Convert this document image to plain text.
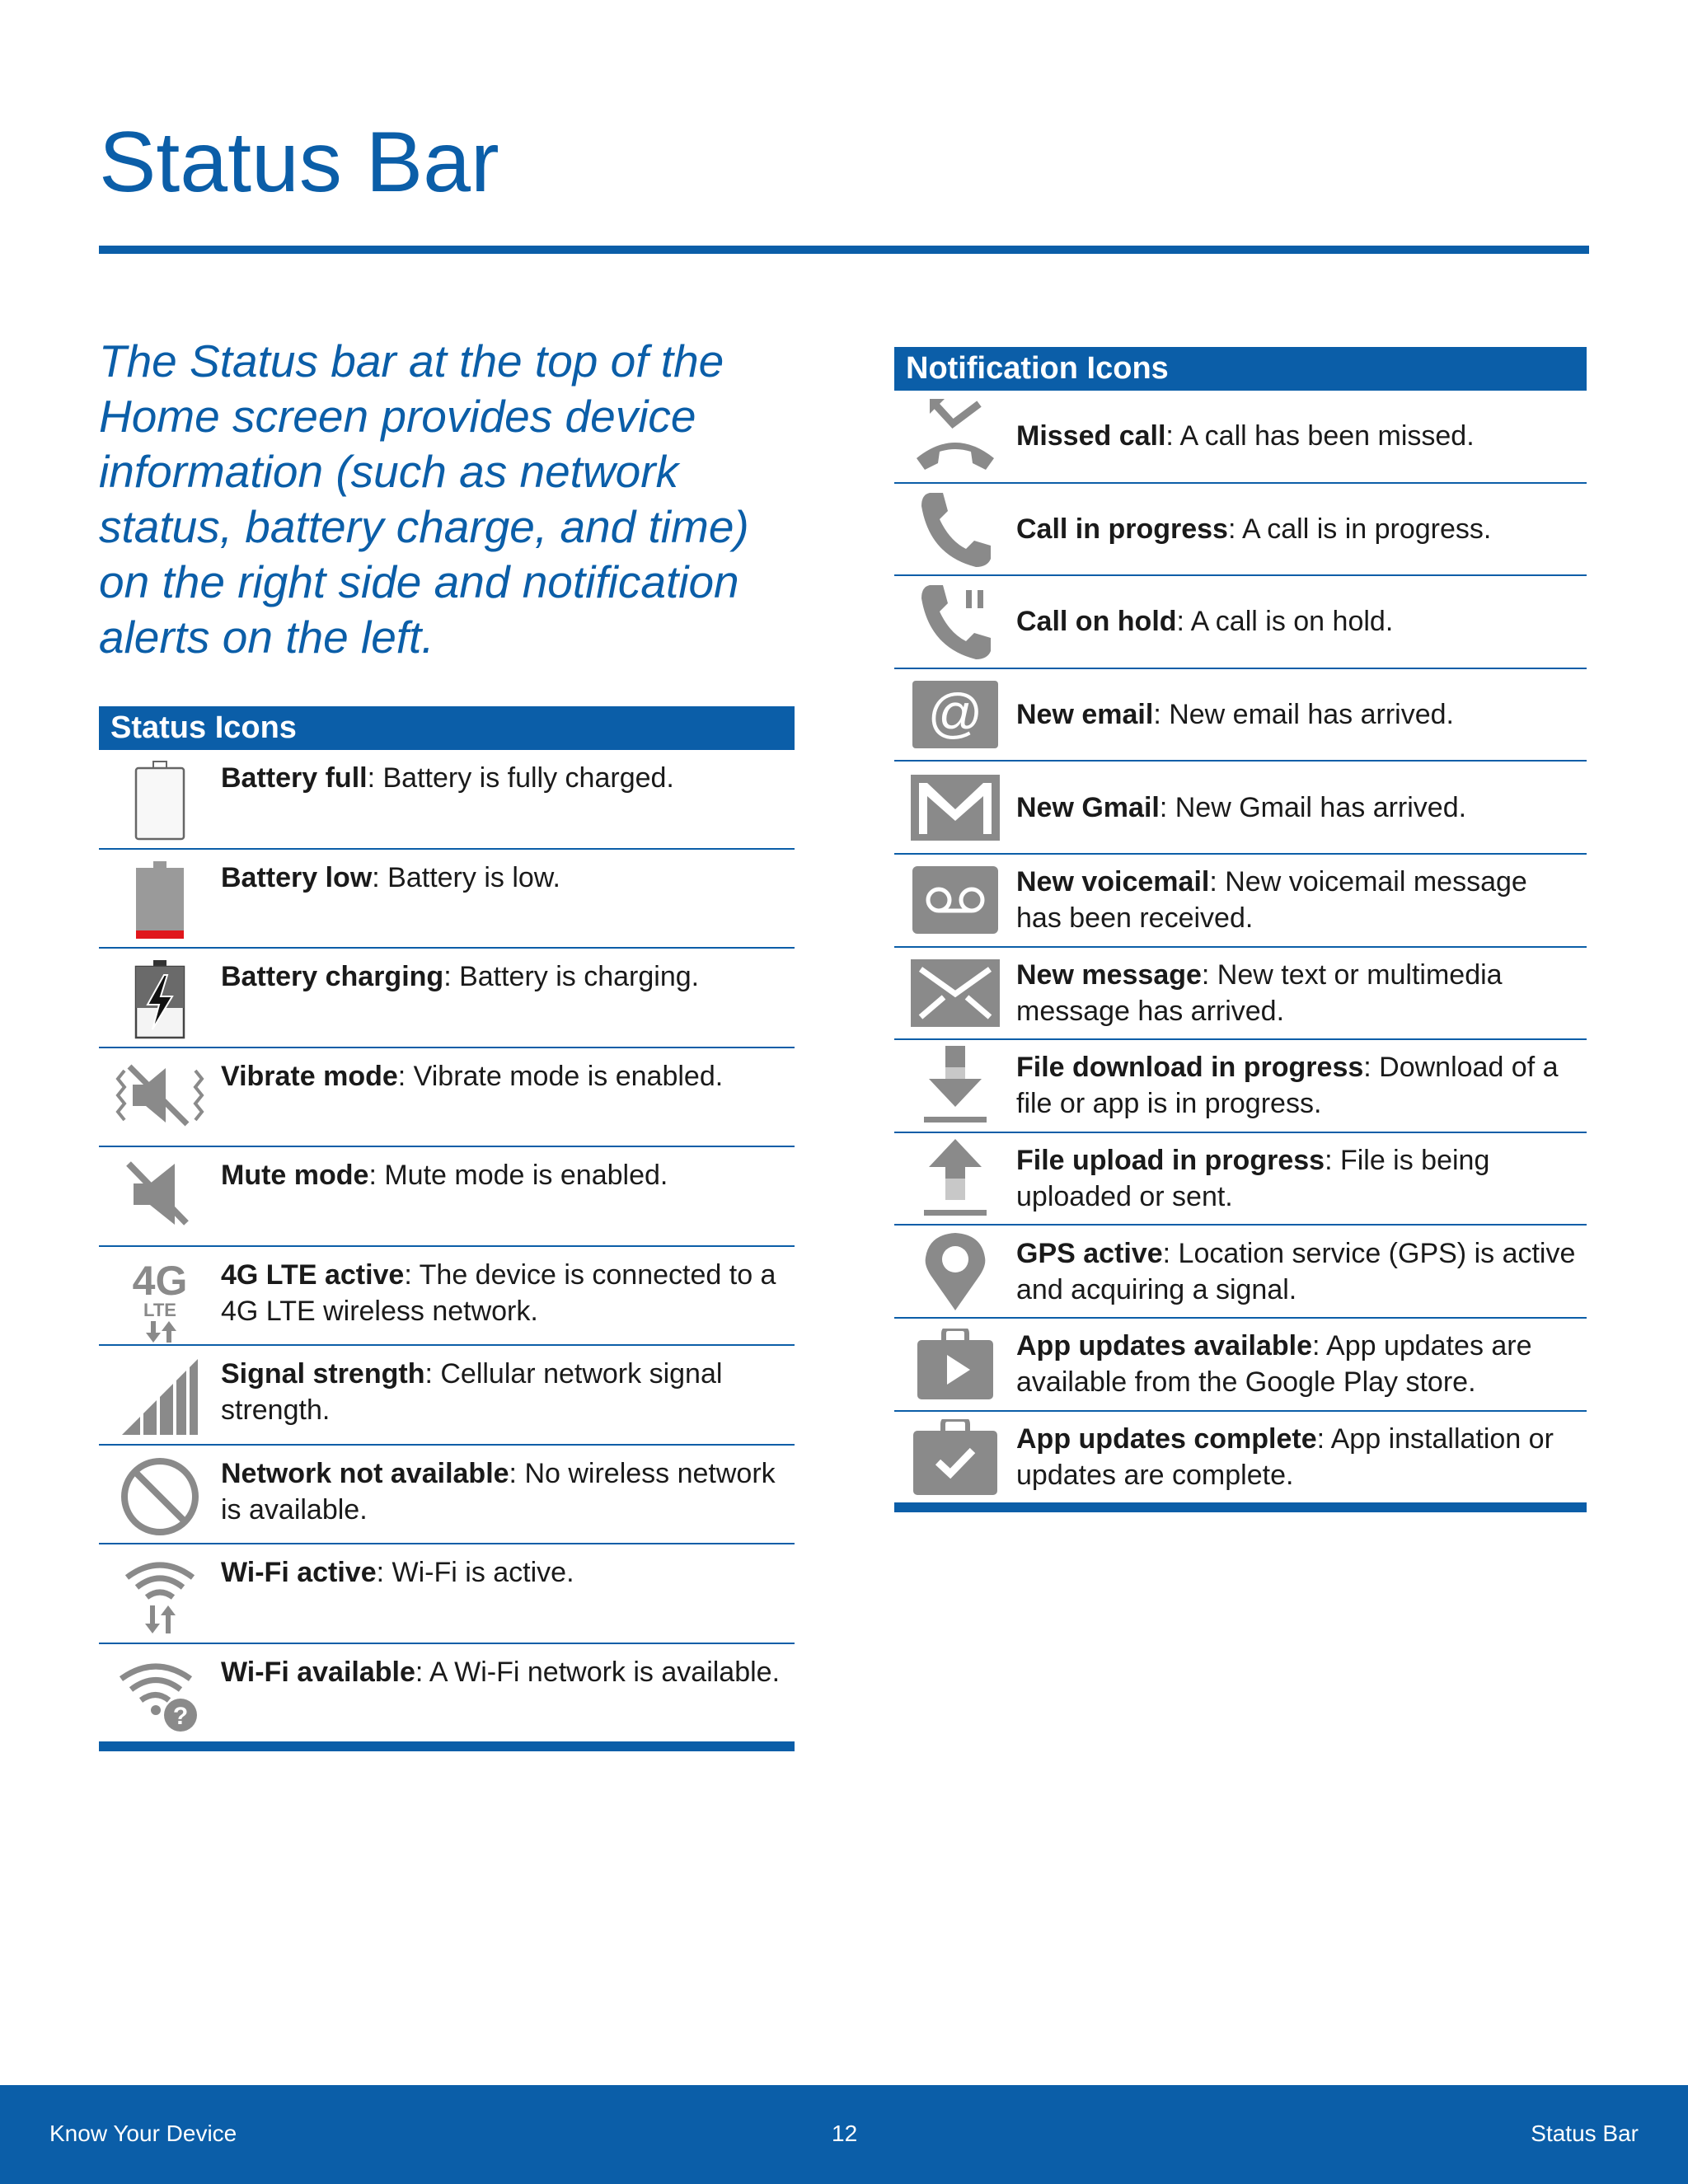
Status Bar

The Status bar at the top of the Home screen provides device information (such as network status, battery charge, and time) on the right side and notification alerts on the left.

Status Icons
Battery full: Battery is fully charged.
Battery low: Battery is low.
Battery charging: Battery is charging.
Vibrate mode: Vibrate mode is enabled.
Mute mode: Mute mode is enabled.
4G
LTE
4G LTE active: The device is connected to a 4G LTE wireless network.
Signal strength: Cellular network signal strength.
Network not available: No wireless network is available.
Wi-Fi active: Wi-Fi is active.
?
Wi-Fi available: A Wi-Fi network is available.
Notification Icons
Missed call: A call has been missed.
Call in progress: A call is in progress.
Call on hold: A call is on hold.
@ New email: New email has arrived.
New Gmail: New Gmail has arrived.
New voicemail: New voicemail message has been received.
New message: New text or multimedia message has arrived.
File download in progress: Download of a file or app is in progress.
File upload in progress: File is being uploaded or sent.
GPS active: Location service (GPS) is active and acquiring a signal.
App updates available: App updates are available from the Google Play store.
App updates complete: App installation or updates are complete.
Know Your Device	12	Status Bar
